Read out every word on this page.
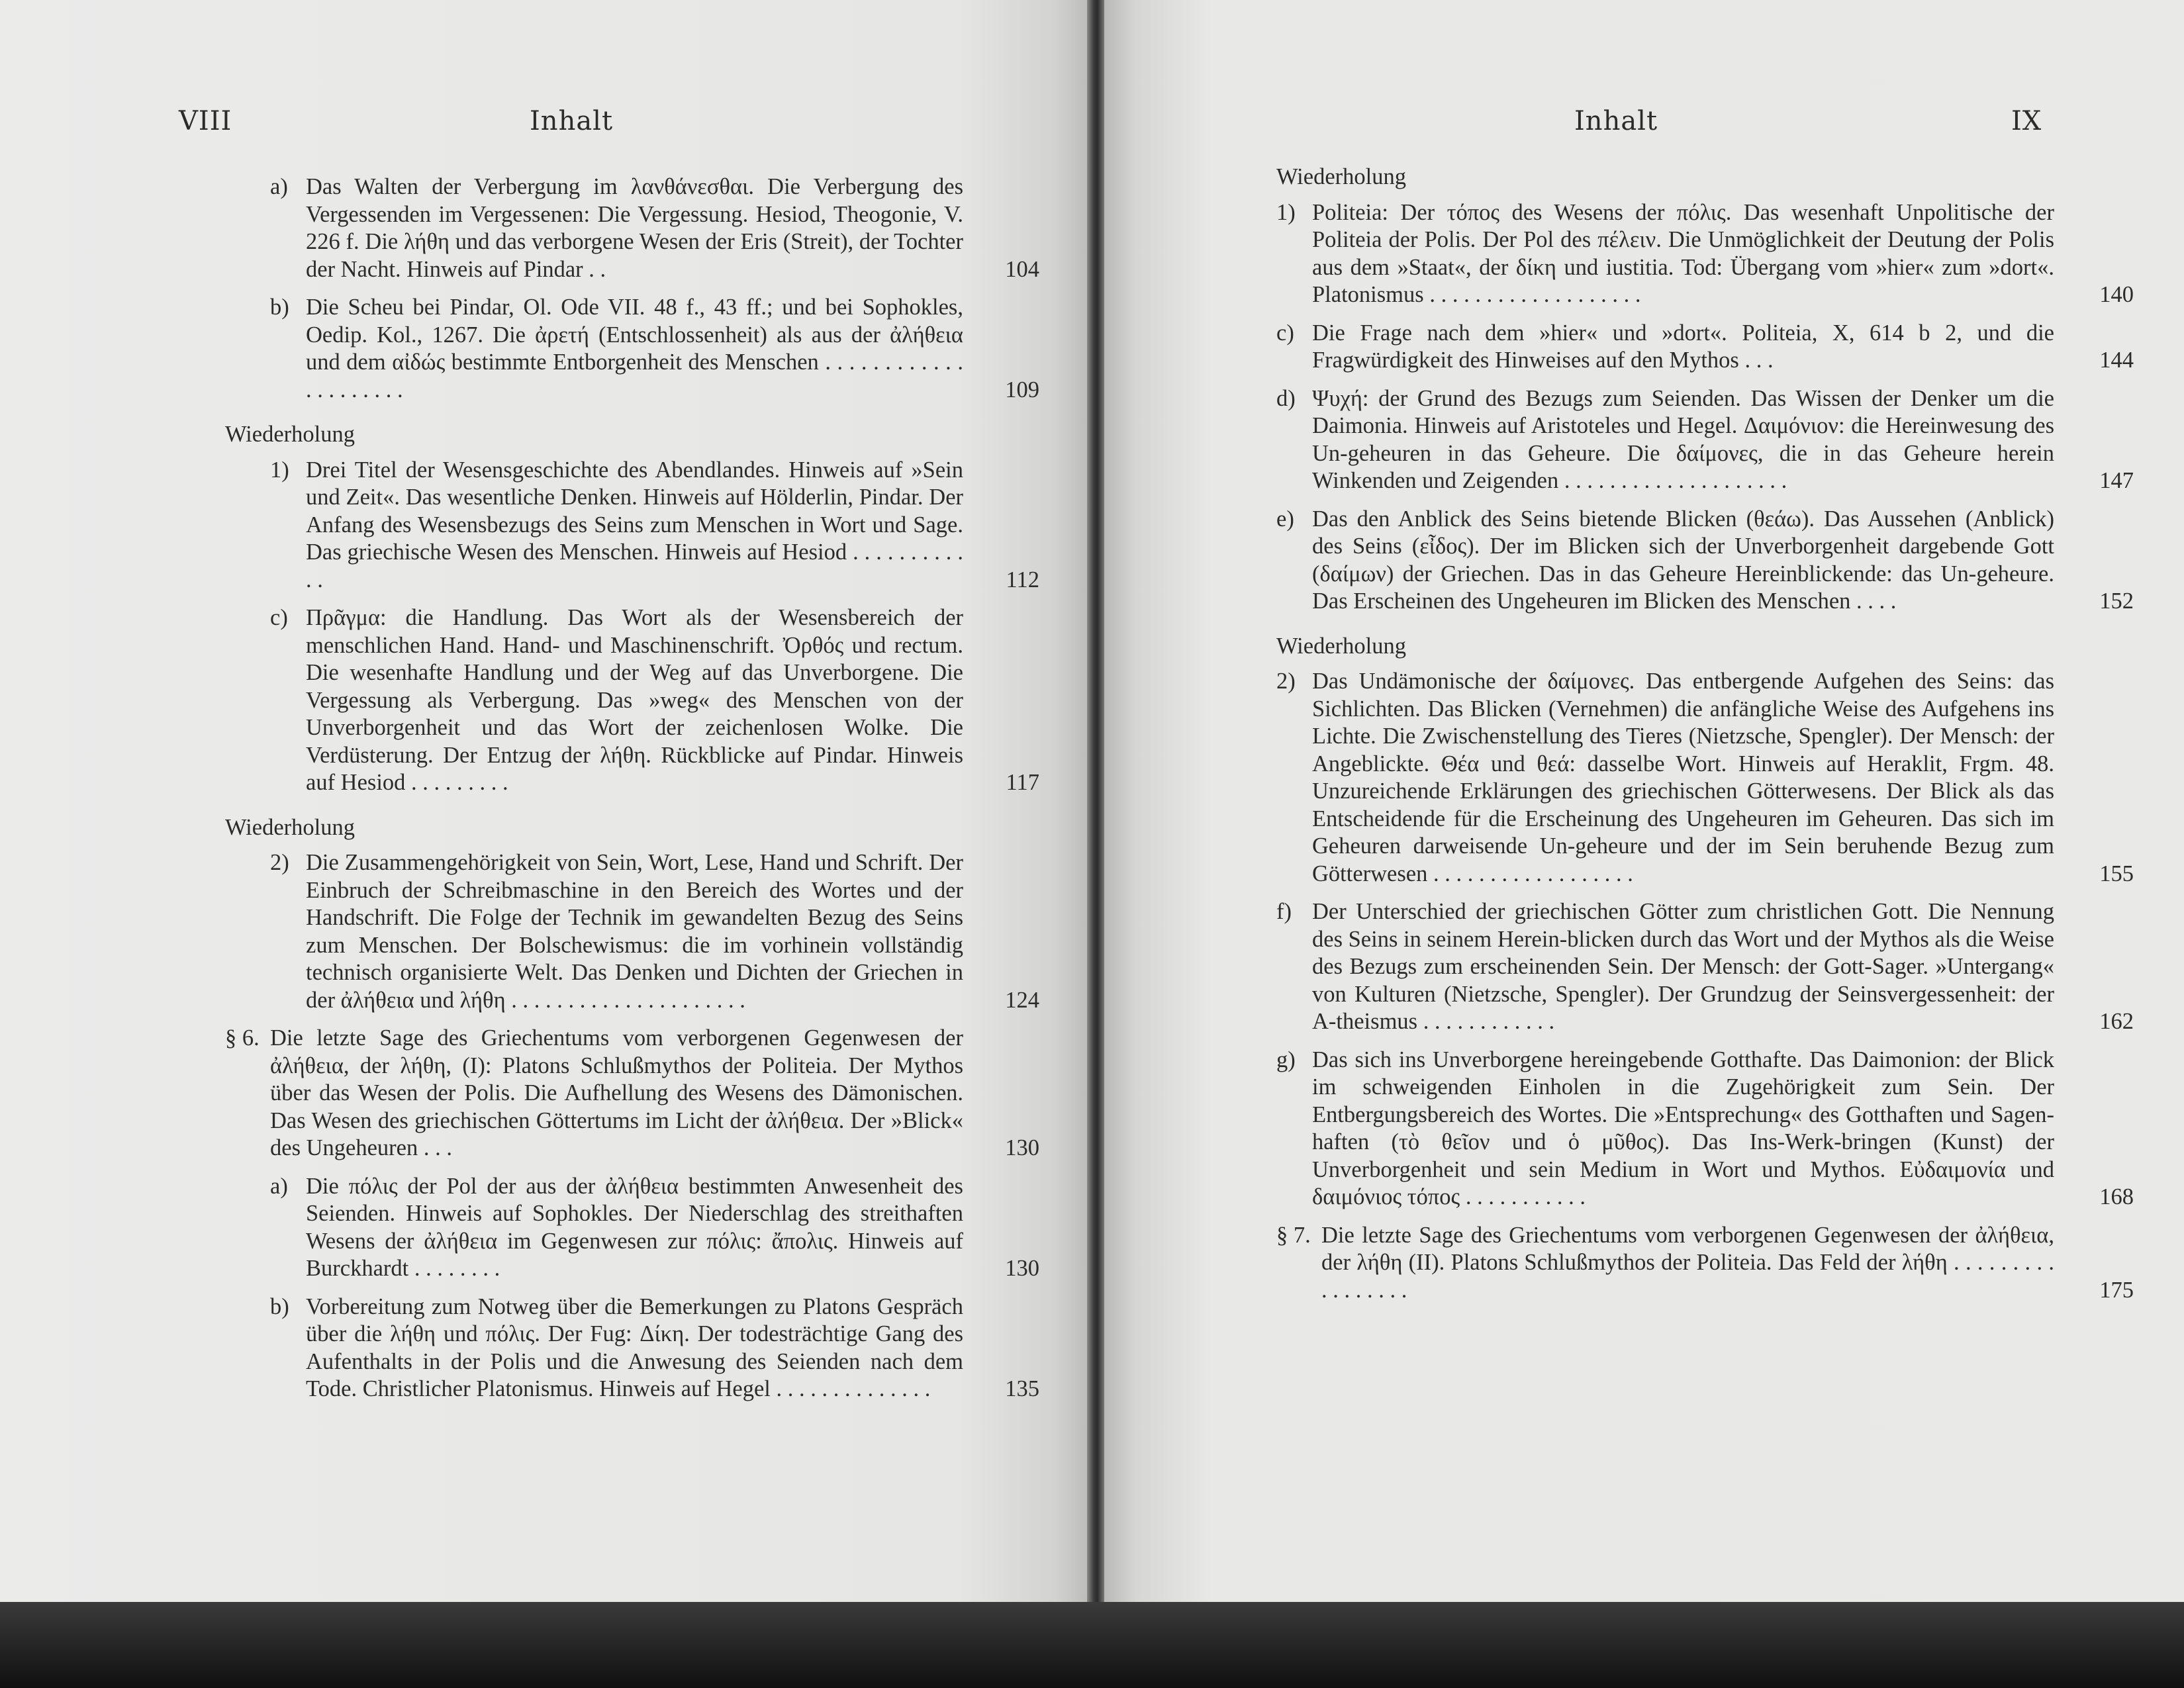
VIII	Inhalt
a) Das Walten der Verbergung im λανθάνεσθαι. Die Verbergung des Vergessenden im Vergessenen: Die Vergessung. Hesiod, Theogonie, V. 226 f. Die λήθη und das verborgene Wesen der Eris (Streit), der Tochter der Nacht. Hinweis auf Pindar . .	104
b) Die Scheu bei Pindar, Ol. Ode VII. 48 f., 43 ff.; und bei Sophokles, Oedip. Kol., 1267. Die ἀρετή (Entschlossenheit) als aus der ἀλήθεια und dem αἰδώς bestimmte Entborgenheit des Menschen . . . . . . . . . . . . . . . . . . . . .	109
Wiederholung
1) Drei Titel der Wesensgeschichte des Abendlandes. Hinweis auf »Sein und Zeit«. Das wesentliche Denken. Hinweis auf Hölderlin, Pindar. Der Anfang des Wesensbezugs des Seins zum Menschen in Wort und Sage. Das griechische Wesen des Menschen. Hinweis auf Hesiod . . . . . . . . . . . .	112
c) Πρᾶγμα: die Handlung. Das Wort als der Wesensbereich der menschlichen Hand. Hand- und Maschinenschrift. Ὀρθός und rectum. Die wesenhafte Handlung und der Weg auf das Unverborgene. Die Vergessung als Verbergung. Das »weg« des Menschen von der Unverborgenheit und das Wort der zeichenlosen Wolke. Die Verdüsterung. Der Entzug der λήθη. Rückblicke auf Pindar. Hinweis auf Hesiod . . . . . . . . .	117
Wiederholung
2) Die Zusammengehörigkeit von Sein, Wort, Lese, Hand und Schrift. Der Einbruch der Schreibmaschine in den Bereich des Wortes und der Handschrift. Die Folge der Technik im gewandelten Bezug des Seins zum Menschen. Der Bolschewismus: die im vorhinein vollständig technisch organisierte Welt. Das Denken und Dichten der Griechen in der ἀλήθεια und λήθη . . . . . . . . . . . . . . . . . . . . .	124
§ 6. Die letzte Sage des Griechentums vom verborgenen Gegenwesen der ἀλήθεια, der λήθη, (I): Platons Schlußmythos der Politeia. Der Mythos über das Wesen der Polis. Die Aufhellung des Wesens des Dämonischen. Das Wesen des griechischen Göttertums im Licht der ἀλήθεια. Der »Blick« des Ungeheuren . . .	130
a) Die πόλις der Pol der aus der ἀλήθεια bestimmten Anwesenheit des Seienden. Hinweis auf Sophokles. Der Niederschlag des streithaften Wesens der ἀλήθεια im Gegenwesen zur πόλις: ἄπολις. Hinweis auf Burckhardt . . . . . . . .	130
b) Vorbereitung zum Notweg über die Bemerkungen zu Platons Gespräch über die λήθη und πόλις. Der Fug: Δίκη. Der todesträchtige Gang des Aufenthalts in der Polis und die Anwesung des Seienden nach dem Tode. Christlicher Platonismus. Hinweis auf Hegel . . . . . . . . . . . . . .	135
Inhalt	IX
Wiederholung
1) Politeia: Der τόπος des Wesens der πόλις. Das wesenhaft Unpolitische der Politeia der Polis. Der Pol des πέλειν. Die Unmöglichkeit der Deutung der Polis aus dem »Staat«, der δίκη und iustitia. Tod: Übergang vom »hier« zum »dort«. Platonismus . . . . . . . . . . . . . . . . . . .	140
c) Die Frage nach dem »hier« und »dort«. Politeia, X, 614 b 2, und die Fragwürdigkeit des Hinweises auf den Mythos . . .	144
d) Ψυχή: der Grund des Bezugs zum Seienden. Das Wissen der Denker um die Daimonia. Hinweis auf Aristoteles und Hegel. Δαιμόνιον: die Hereinwesung des Un-geheuren in das Geheure. Die δαίμονες, die in das Geheure herein Winkenden und Zeigenden . . . . . . . . . . . . . . . . . . . .	147
e) Das den Anblick des Seins bietende Blicken (θεάω). Das Aussehen (Anblick) des Seins (εἶδος). Der im Blicken sich der Unverborgenheit dargebende Gott (δαίμων) der Griechen. Das in das Geheure Hereinblickende: das Un-geheure. Das Erscheinen des Ungeheuren im Blicken des Menschen . . . .	152
Wiederholung
2) Das Undämonische der δαίμονες. Das entbergende Aufgehen des Seins: das Sichlichten. Das Blicken (Vernehmen) die anfängliche Weise des Aufgehens ins Lichte. Die Zwischenstellung des Tieres (Nietzsche, Spengler). Der Mensch: der Angeblickte. Θέα und θεά: dasselbe Wort. Hinweis auf Heraklit, Frgm. 48. Unzureichende Erklärungen des griechischen Götterwesens. Der Blick als das Entscheidende für die Erscheinung des Ungeheuren im Geheuren. Das sich im Geheuren darweisende Un-geheure und der im Sein beruhende Bezug zum Götterwesen . . . . . . . . . . . . . . . . . .	155
f) Der Unterschied der griechischen Götter zum christlichen Gott. Die Nennung des Seins in seinem Herein-blicken durch das Wort und der Mythos als die Weise des Bezugs zum erscheinenden Sein. Der Mensch: der Gott-Sager. »Untergang« von Kulturen (Nietzsche, Spengler). Der Grundzug der Seinsvergessenheit: der A-theismus . . . . . . . . . . . .	162
g) Das sich ins Unverborgene hereingebende Gotthafte. Das Daimonion: der Blick im schweigenden Einholen in die Zugehörigkeit zum Sein. Der Entbergungsbereich des Wortes. Die »Entsprechung« des Gotthaften und Sagen-haften (τὸ θεῖον und ὁ μῦθος). Das Ins-Werk-bringen (Kunst) der Unverborgenheit und sein Medium in Wort und Mythos. Εὐδαιμονία und δαιμόνιος τόπος . . . . . . . . . . .	168
§ 7. Die letzte Sage des Griechentums vom verborgenen Gegenwesen der ἀλήθεια, der λήθη (II). Platons Schlußmythos der Politeia. Das Feld der λήθη . . . . . . . . . . . . . . . . .	175
